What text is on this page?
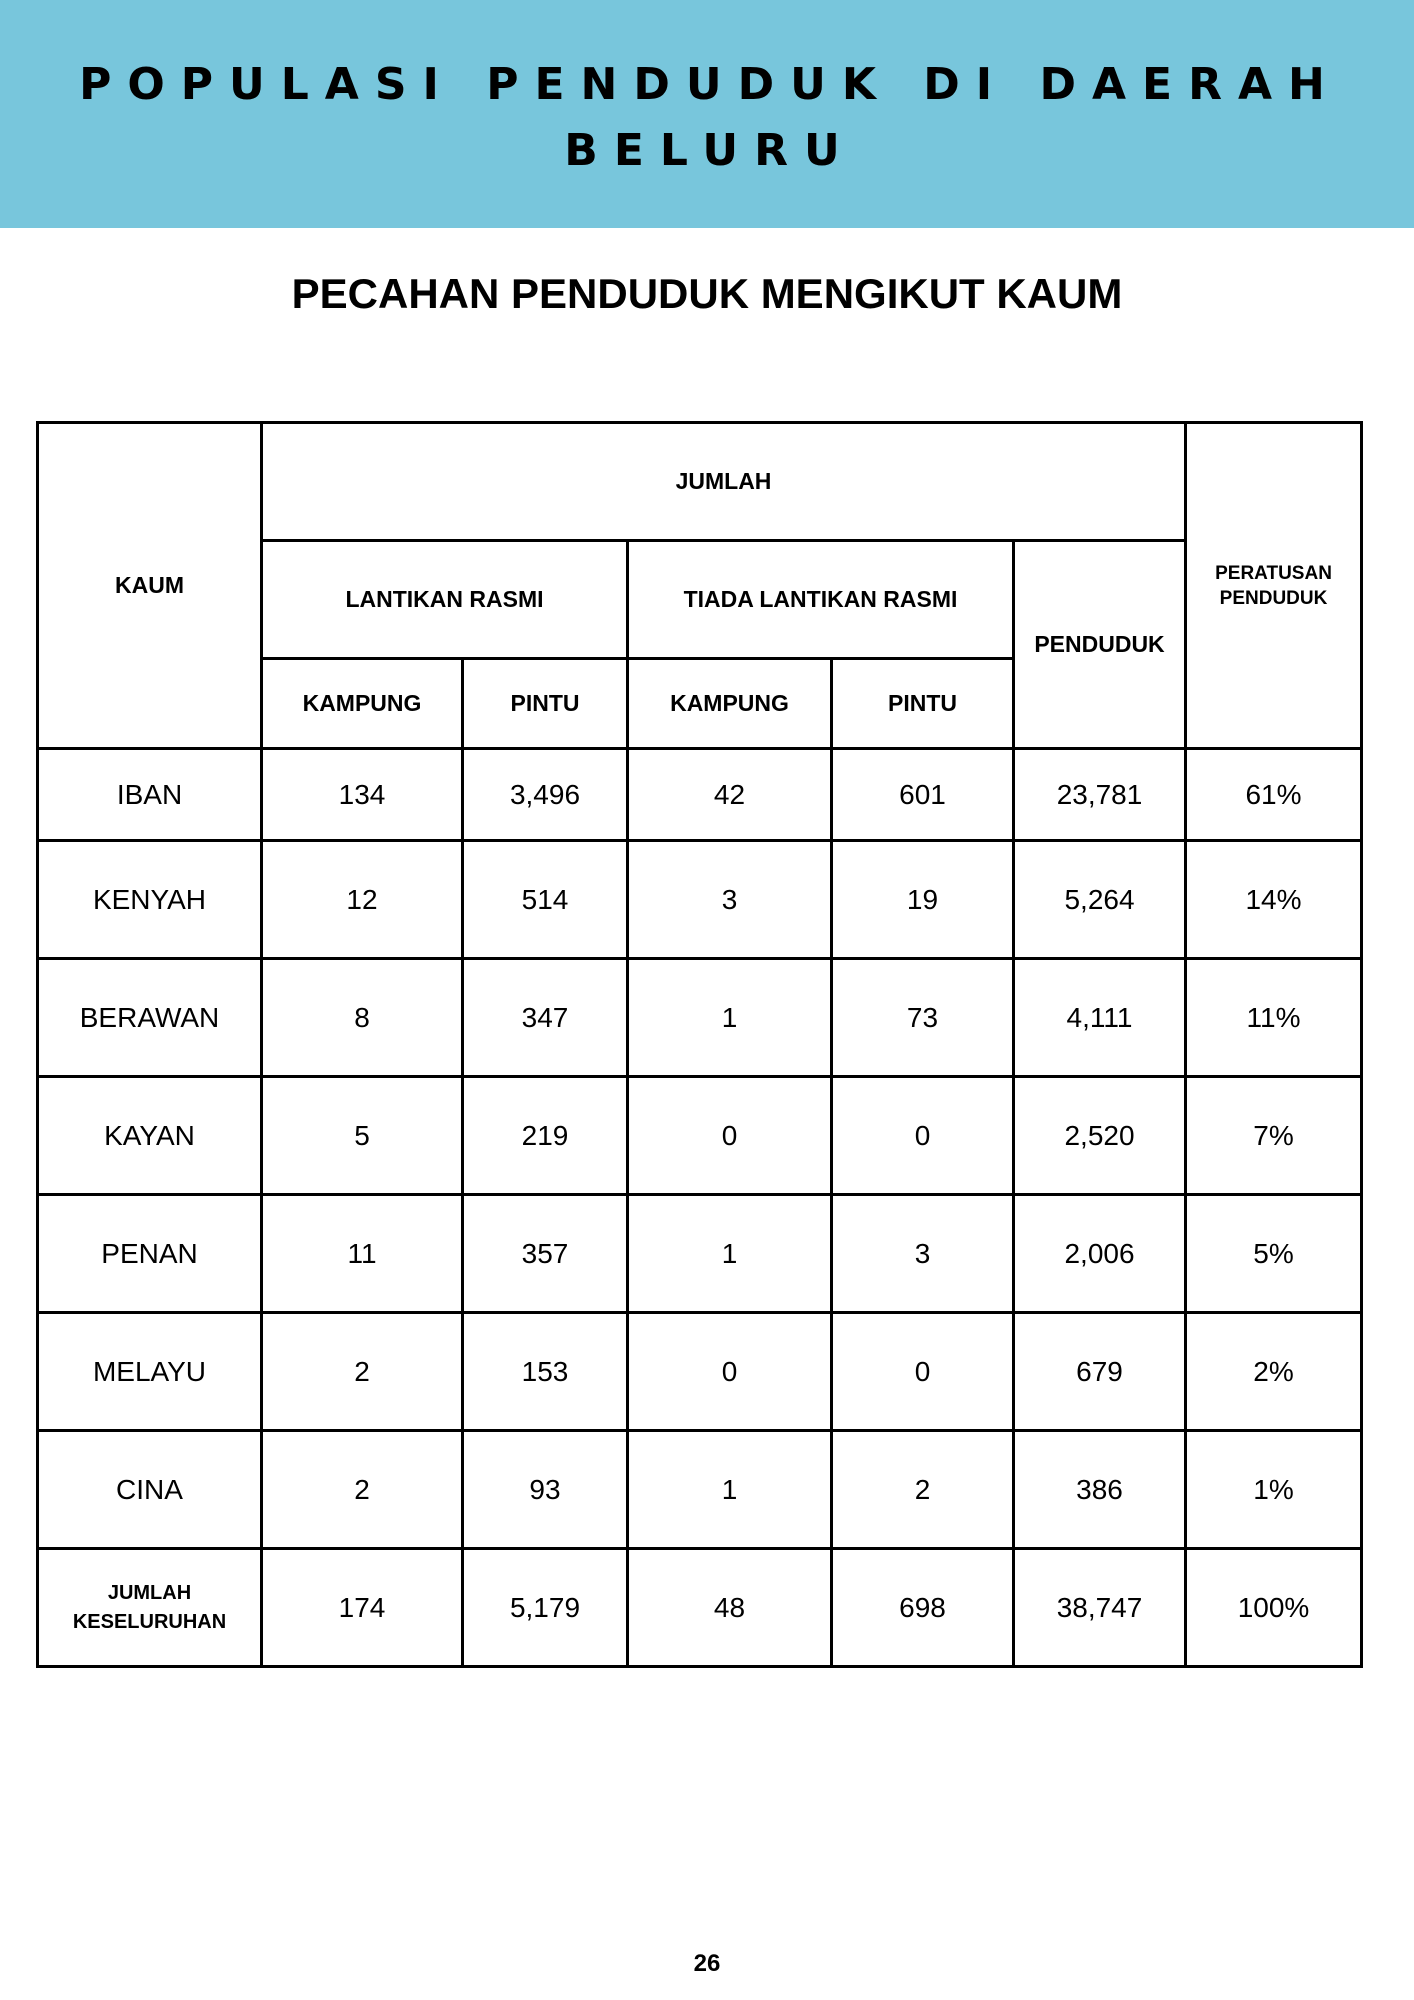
POPULASI PENDUDUK DI DAERAH BELURU
PECAHAN PENDUDUK MENGIKUT KAUM
KAUM	JUMLAH					PERATUSAN PENDUDUK
	LANTIKAN RASMI		TIADA LANTIKAN RASMI		PENDUDUK	
	KAMPUNG	PINTU	KAMPUNG	PINTU		
IBAN	134	3,496	42	601	23,781	61%
KENYAH	12	514	3	19	5,264	14%
BERAWAN	8	347	1	73	4,111	11%
KAYAN	5	219	0	0	2,520	7%
PENAN	11	357	1	3	2,006	5%
MELAYU	2	153	0	0	679	2%
CINA	2	93	1	2	386	1%
JUMLAH KESELURUHAN	174	5,179	48	698	38,747	100%
26
